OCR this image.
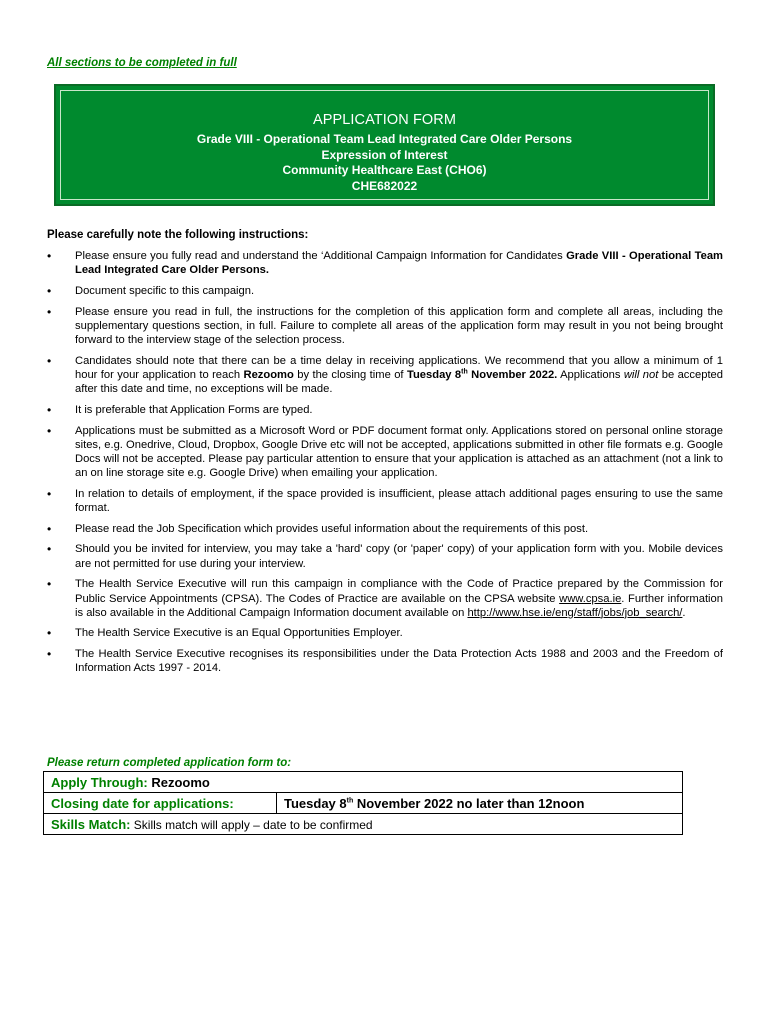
All sections to be completed in full
APPLICATION FORM
Grade VIII - Operational Team Lead Integrated Care Older Persons
Expression of Interest
Community Healthcare East (CHO6)
CHE682022
Please carefully note the following instructions:
• Please ensure you fully read and understand the ‘Additional Campaign Information for Candidates Grade VIII - Operational Team Lead Integrated Care Older Persons.
• Document specific to this campaign.
• Please ensure you read in full, the instructions for the completion of this application form and complete all areas, including the supplementary questions section, in full. Failure to complete all areas of the application form may result in you not being brought forward to the interview stage of the selection process.
• Candidates should note that there can be a time delay in receiving applications. We recommend that you allow a minimum of 1 hour for your application to reach Rezoomo by the closing time of Tuesday 8th November 2022. Applications will not be accepted after this date and time, no exceptions will be made.
• It is preferable that Application Forms are typed.
• Applications must be submitted as a Microsoft Word or PDF document format only. Applications stored on personal online storage sites, e.g. Onedrive, Cloud, Dropbox, Google Drive etc will not be accepted, applications submitted in other file formats e.g. Google Docs will not be accepted. Please pay particular attention to ensure that your application is attached as an attachment (not a link to an on line storage site e.g. Google Drive) when emailing your application.
• In relation to details of employment, if the space provided is insufficient, please attach additional pages ensuring to use the same format.
• Please read the Job Specification which provides useful information about the requirements of this post.
• Should you be invited for interview, you may take a 'hard' copy (or 'paper' copy) of your application form with you. Mobile devices are not permitted for use during your interview.
• The Health Service Executive will run this campaign in compliance with the Code of Practice prepared by the Commission for Public Service Appointments (CPSA). The Codes of Practice are available on the CPSA website www.cpsa.ie. Further information is also available in the Additional Campaign Information document available on http://www.hse.ie/eng/staff/jobs/job_search/.
• The Health Service Executive is an Equal Opportunities Employer.
• The Health Service Executive recognises its responsibilities under the Data Protection Acts 1988 and 2003 and the Freedom of Information Acts 1997 - 2014.
Please return completed application form to:
Apply Through: Rezoomo
Closing date for applications:	Tuesday 8th November 2022 no later than 12noon
Skills Match: Skills match will apply – date to be confirmed
